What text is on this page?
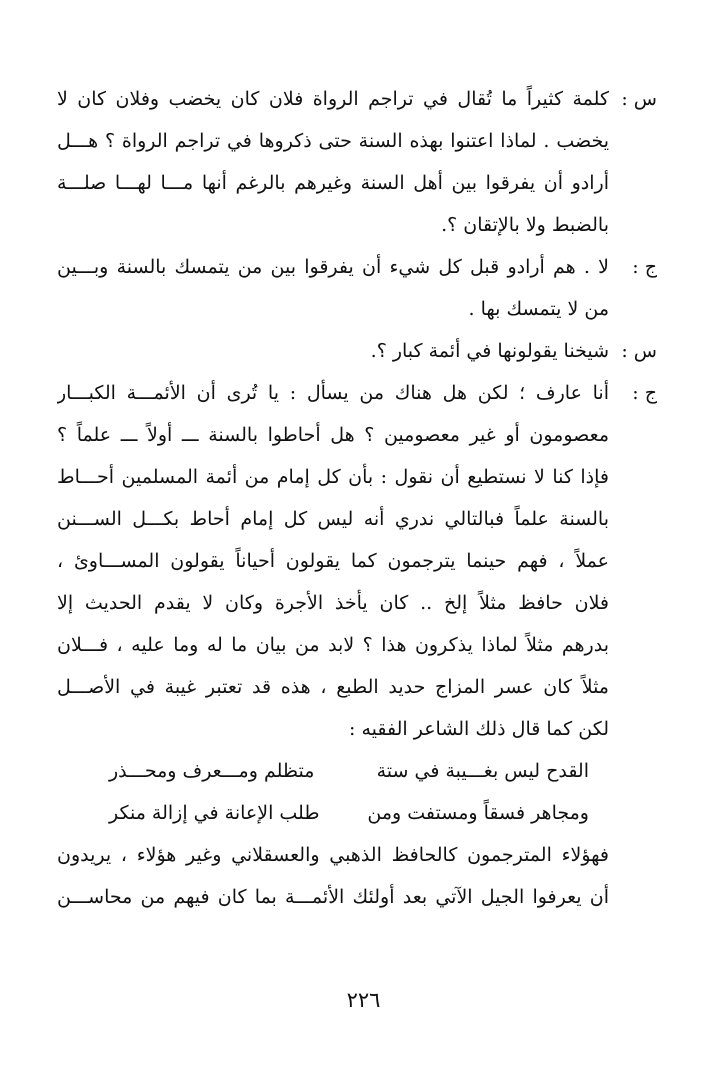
س :
كلمة كثيراً ما تُقال في تراجم الرواة فلان كان يخضب وفلان كان لا
يخضب . لماذا اعتنوا بهذه السنة حتى ذكروها في تراجم الرواة ؟ هـــل
أرادو أن يفرقوا بين أهل السنة وغيرهم بالرغم أنها مـــا لهـــا صلـــة
بالضبط ولا بالإتقان ؟.
ج :
لا . هم أرادو قبل كل شيء أن يفرقوا بين من يتمسك بالسنة وبـــين
من لا يتمسك بها .
س :
شيخنا يقولونها في أئمة كبار ؟.
ج :
أنا عارف ؛ لكن هل هناك من يسأل : يا تُرى أن الأئمـــة الكبـــار
معصومون أو غير معصومين ؟ هل أحاطوا بالسنة ـــ أولاً ـــ علماً ؟
فإذا كنا لا نستطيع أن نقول : بأن كل إمام من أئمة المسلمين أحـــاط
بالسنة علماً فبالتالي ندري أنه ليس كل إمام أحاط بكـــل الســـنن
عملاً ، فهم حينما يترجمون كما يقولون أحياناً يقولون المســـاوئ ،
فلان حافظ مثلاً إلخ .. كان يأخذ الأجرة وكان لا يقدم الحديث إلا
بدرهم مثلاً لماذا يذكرون هذا ؟ لابد من بيان ما له وما عليه ، فـــلان
مثلاً كان عسر المزاج حديد الطبع ، هذه قد تعتبر غيبة في الأصـــل
لكن كما قال ذلك الشاعر الفقيه :
القدح ليس بغـــيبة في ستة
متظلم ومـــعرف ومحـــذر
ومجاهر فسقاً ومستفت ومن
طلب الإعانة في إزالة منكر
فهؤلاء المترجمون كالحافظ الذهبي والعسقلاني وغير هؤلاء ، يريدون
أن يعرفوا الجيل الآتي بعد أولئك الأئمـــة بما كان فيهم من محاســـن
٢٢٦
